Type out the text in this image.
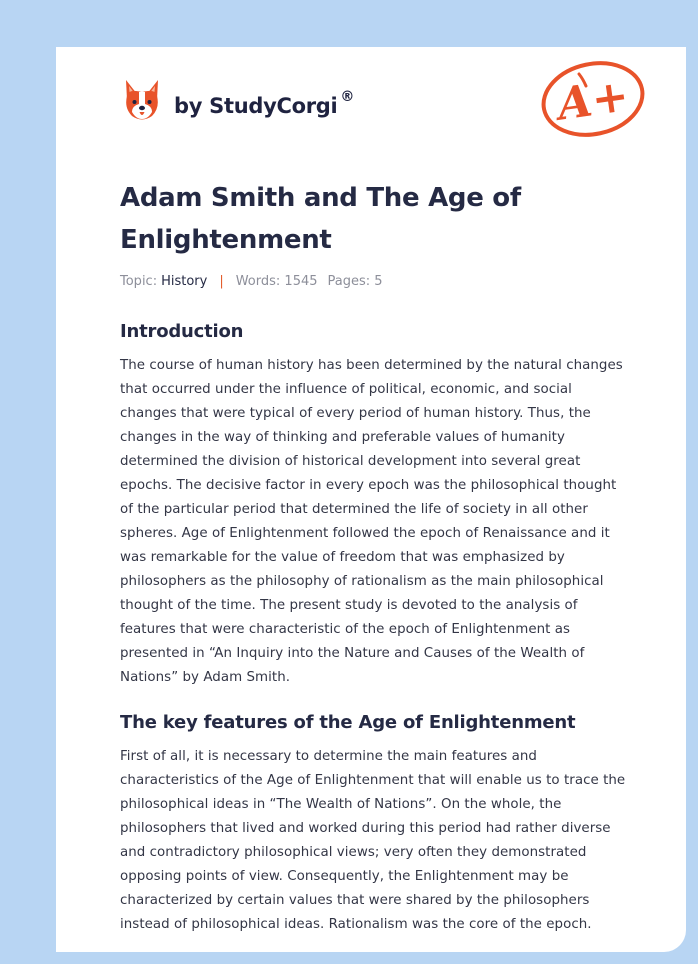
by StudyCorgi ®	A+
Adam Smith and The Age of Enlightenment
Topic: History | Words: 1545 Pages: 5
Introduction

The course of human history has been determined by the natural changes that occurred under the influence of political, economic, and social changes that were typical of every period of human history. Thus, the changes in the way of thinking and preferable values of humanity determined the division of historical development into several great epochs. The decisive factor in every epoch was the philosophical thought of the particular period that determined the life of society in all other spheres. Age of Enlightenment followed the epoch of Renaissance and it was remarkable for the value of freedom that was emphasized by philosophers as the philosophy of rationalism as the main philosophical thought of the time. The present study is devoted to the analysis of features that were characteristic of the epoch of Enlightenment as presented in “An Inquiry into the Nature and Causes of the Wealth of Nations” by Adam Smith.

The key features of the Age of Enlightenment

First of all, it is necessary to determine the main features and characteristics of the Age of Enlightenment that will enable us to trace the philosophical ideas in “The Wealth of Nations”. On the whole, the philosophers that lived and worked during this period had rather diverse and contradictory philosophical views; very often they demonstrated opposing points of view. Consequently, the Enlightenment may be characterized by certain values that were shared by the philosophers instead of philosophical ideas. Rationalism was the core of the epoch.
